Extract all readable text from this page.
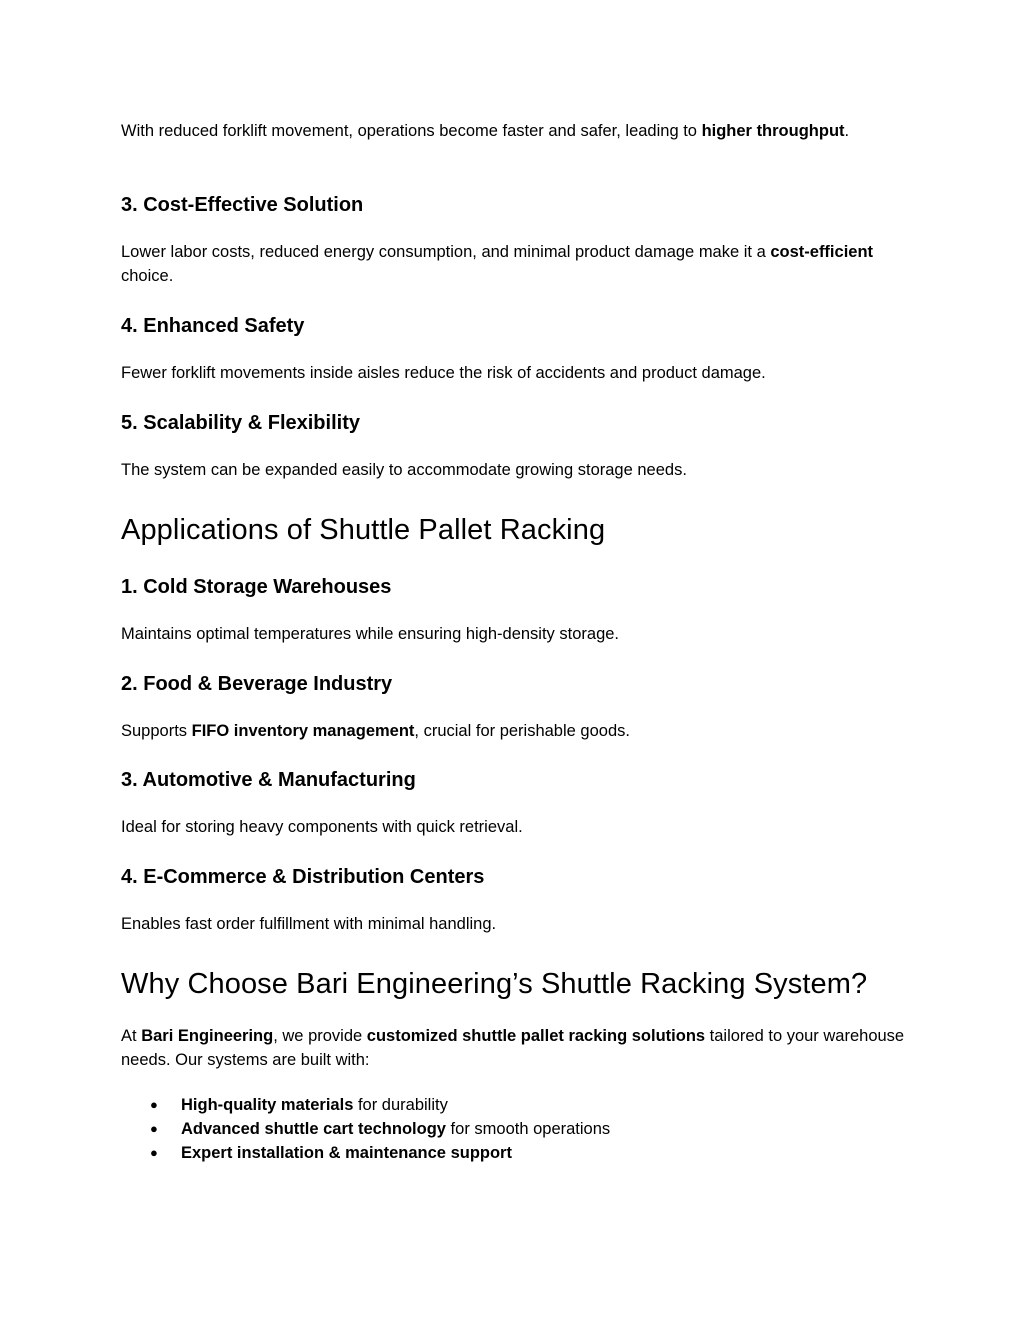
With reduced forklift movement, operations become faster and safer, leading to higher throughput.

3. Cost-Effective Solution

Lower labor costs, reduced energy consumption, and minimal product damage make it a cost-efficient choice.

4. Enhanced Safety

Fewer forklift movements inside aisles reduce the risk of accidents and product damage.

5. Scalability & Flexibility

The system can be expanded easily to accommodate growing storage needs.

Applications of Shuttle Pallet Racking
1. Cold Storage Warehouses

Maintains optimal temperatures while ensuring high-density storage.

2. Food & Beverage Industry

Supports FIFO inventory management, crucial for perishable goods.

3. Automotive & Manufacturing

Ideal for storing heavy components with quick retrieval.

4. E-Commerce & Distribution Centers

Enables fast order fulfillment with minimal handling.

Why Choose Bari Engineering’s Shuttle Racking System?

At Bari Engineering, we provide customized shuttle pallet racking solutions tailored to your warehouse needs. Our systems are built with:

● High-quality materials for durability
● Advanced shuttle cart technology for smooth operations
● Expert installation & maintenance support
